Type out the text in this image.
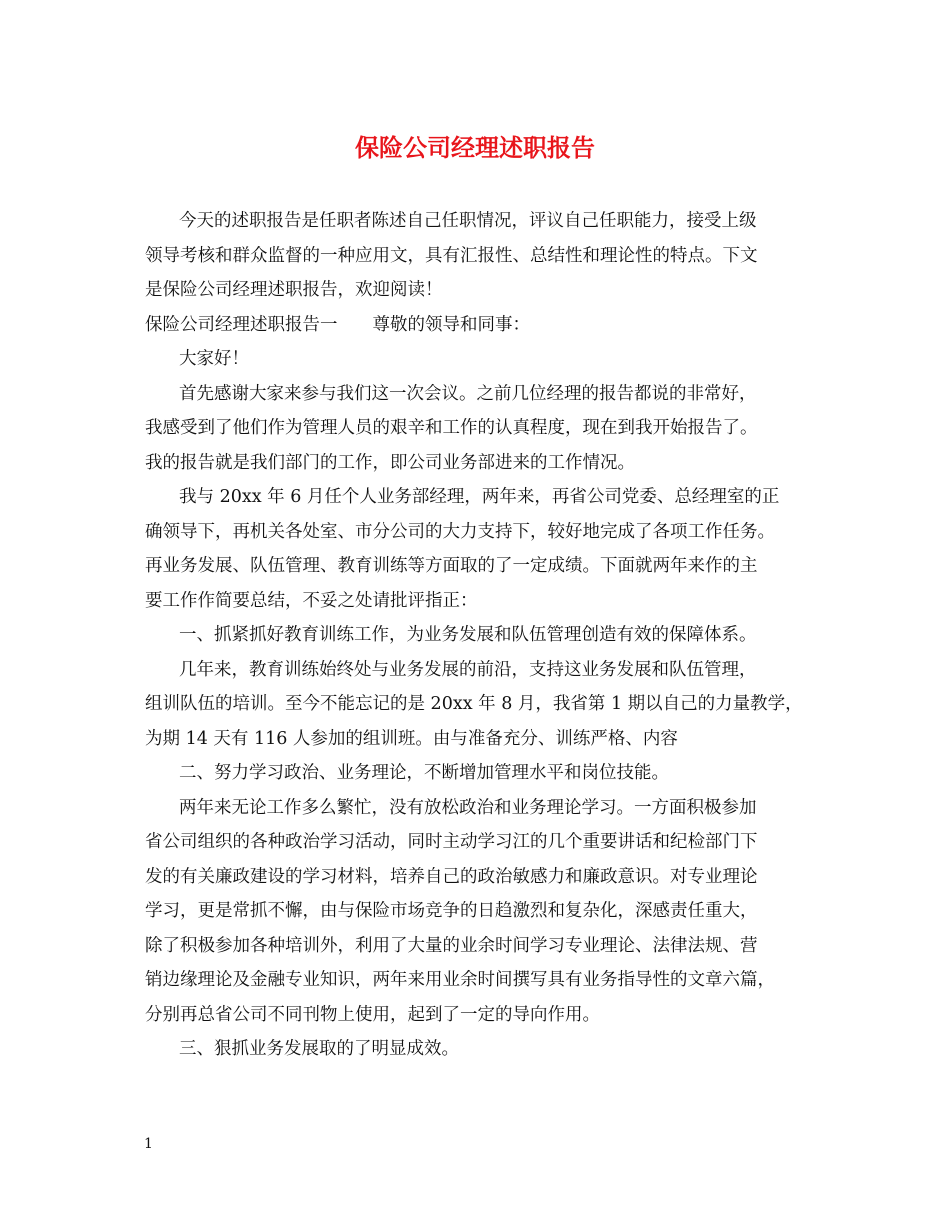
保险公司经理述职报告
今天的述职报告是任职者陈述自己任职情况，评议自己任职能力，接受上级
领导考核和群众监督的一种应用文，具有汇报性、总结性和理论性的特点。下文
是保险公司经理述职报告，欢迎阅读！
保险公司经理述职报告一　　尊敬的领导和同事：
大家好！
首先感谢大家来参与我们这一次会议。之前几位经理的报告都说的非常好，
我感受到了他们作为管理人员的艰辛和工作的认真程度，现在到我开始报告了。
我的报告就是我们部门的工作，即公司业务部进来的工作情况。
我与 20xx 年 6 月任个人业务部经理，两年来，再省公司党委、总经理室的正
确领导下，再机关各处室、市分公司的大力支持下，较好地完成了各项工作任务。
再业务发展、队伍管理、教育训练等方面取的了一定成绩。下面就两年来作的主
要工作作简要总结，不妥之处请批评指正：
一、抓紧抓好教育训练工作，为业务发展和队伍管理创造有效的保障体系。
几年来，教育训练始终处与业务发展的前沿，支持这业务发展和队伍管理，
组训队伍的培训。至今不能忘记的是 20xx 年 8 月，我省第 1 期以自己的力量教学，
为期 14 天有 116 人参加的组训班。由与准备充分、训练严格、内容
二、努力学习政治、业务理论，不断增加管理水平和岗位技能。
两年来无论工作多么繁忙，没有放松政治和业务理论学习。一方面积极参加
省公司组织的各种政治学习活动，同时主动学习江的几个重要讲话和纪检部门下
发的有关廉政建设的学习材料，培养自己的政治敏感力和廉政意识。对专业理论
学习，更是常抓不懈，由与保险市场竞争的日趋激烈和复杂化，深感责任重大，
除了积极参加各种培训外，利用了大量的业余时间学习专业理论、法律法规、营
销边缘理论及金融专业知识，两年来用业余时间撰写具有业务指导性的文章六篇，
分别再总省公司不同刊物上使用，起到了一定的导向作用。
三、狠抓业务发展取的了明显成效。
1
